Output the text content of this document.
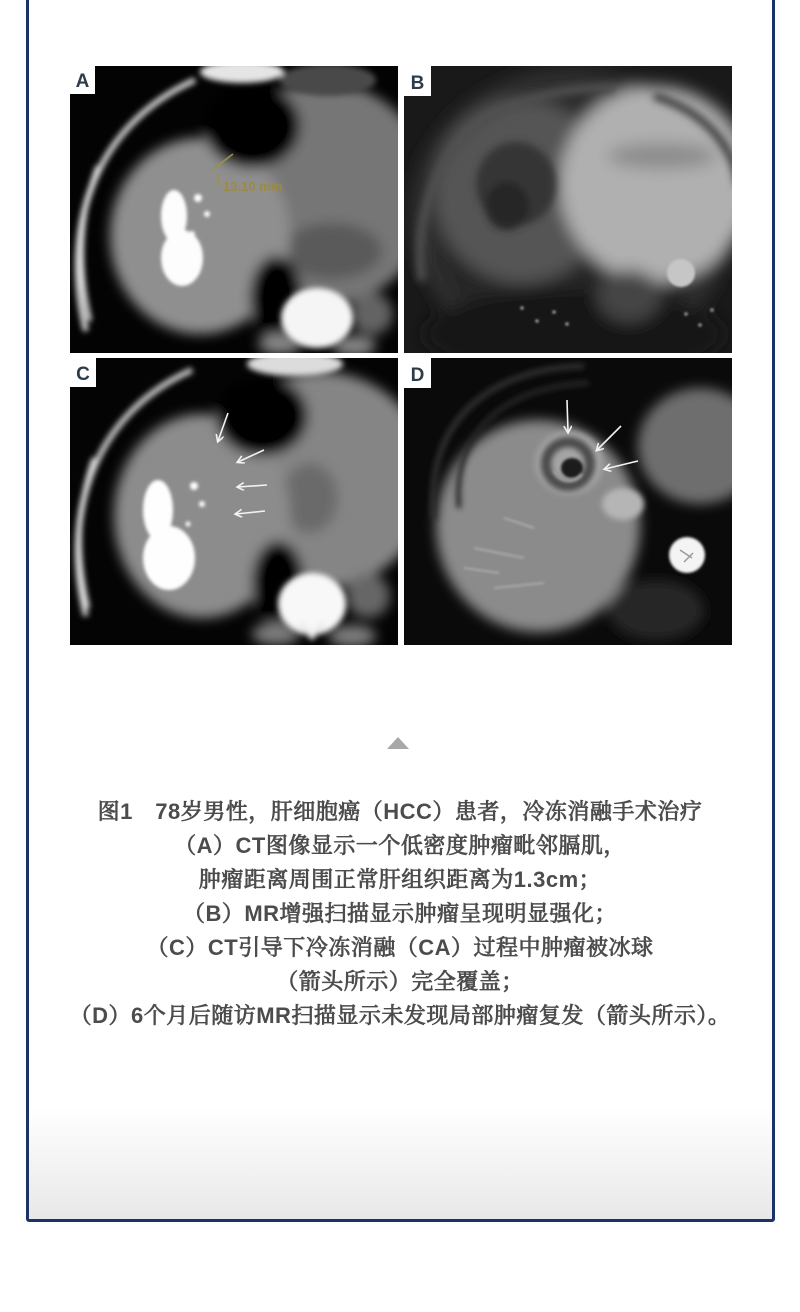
13.10 mm
A	B
C	D
图1　78岁男性，肝细胞癌（HCC）患者，冷冻消融手术治疗
（A）CT图像显示一个低密度肿瘤毗邻膈肌，
肿瘤距离周围正常肝组织距离为1.3cm；
（B）MR增强扫描显示肿瘤呈现明显强化；
（C）CT引导下冷冻消融（CA）过程中肿瘤被冰球
（箭头所示）完全覆盖；
（D）6个月后随访MR扫描显示未发现局部肿瘤复发（箭头所示）。
